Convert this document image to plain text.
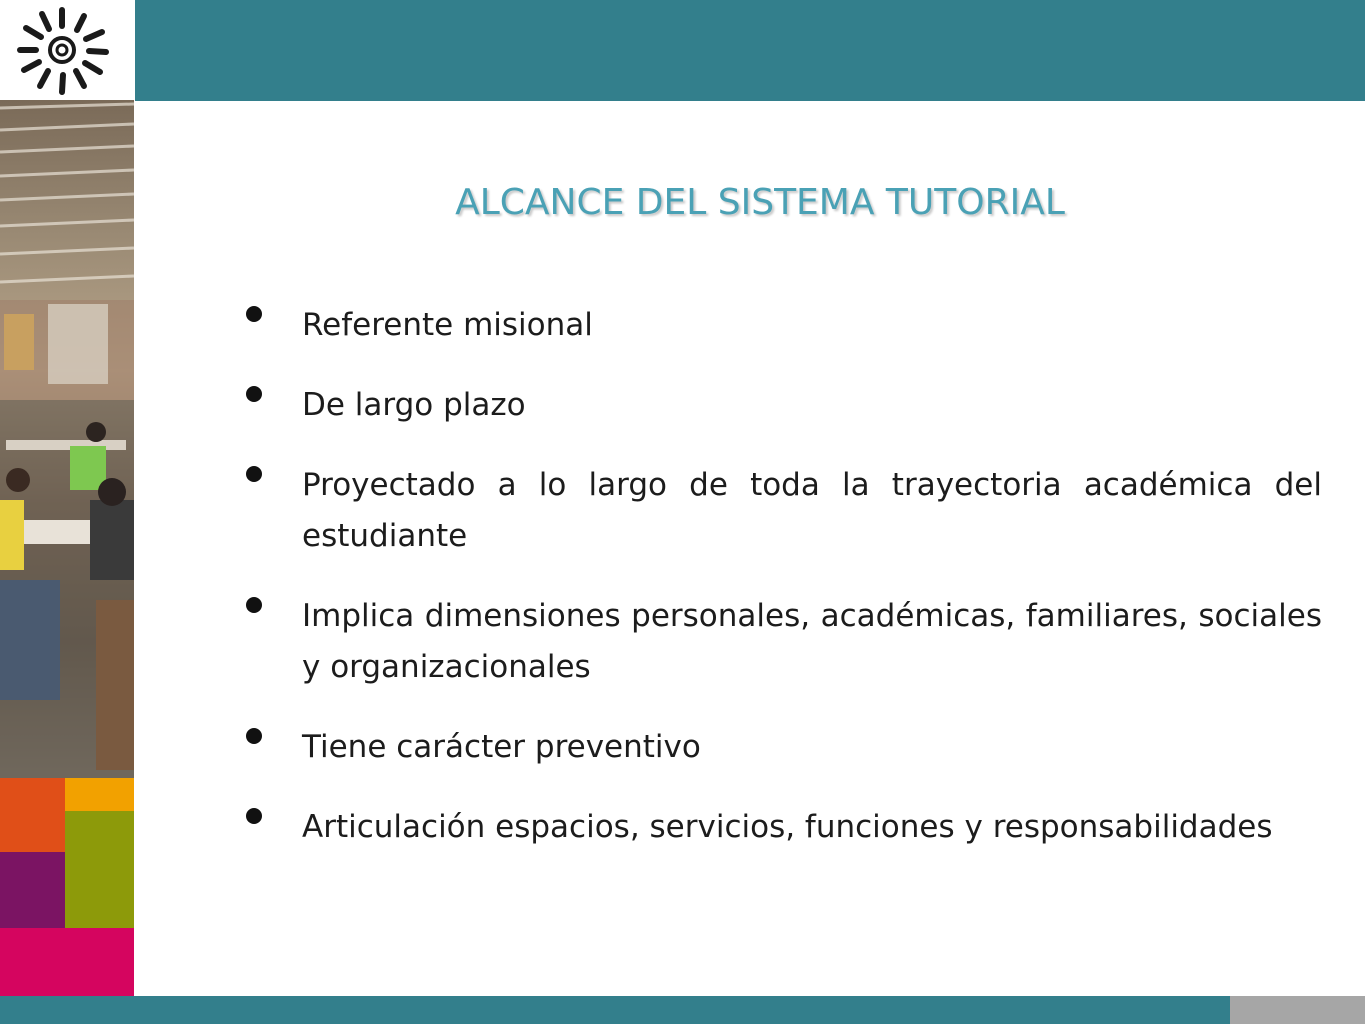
ALCANCE DEL SISTEMA TUTORIAL
Referente misional
De largo plazo
Proyectado a lo largo de toda la trayectoria académica del estudiante
Implica dimensiones personales, académicas, familiares, sociales y organizacionales
Tiene carácter preventivo
Articulación espacios, servicios, funciones y responsabilidades
